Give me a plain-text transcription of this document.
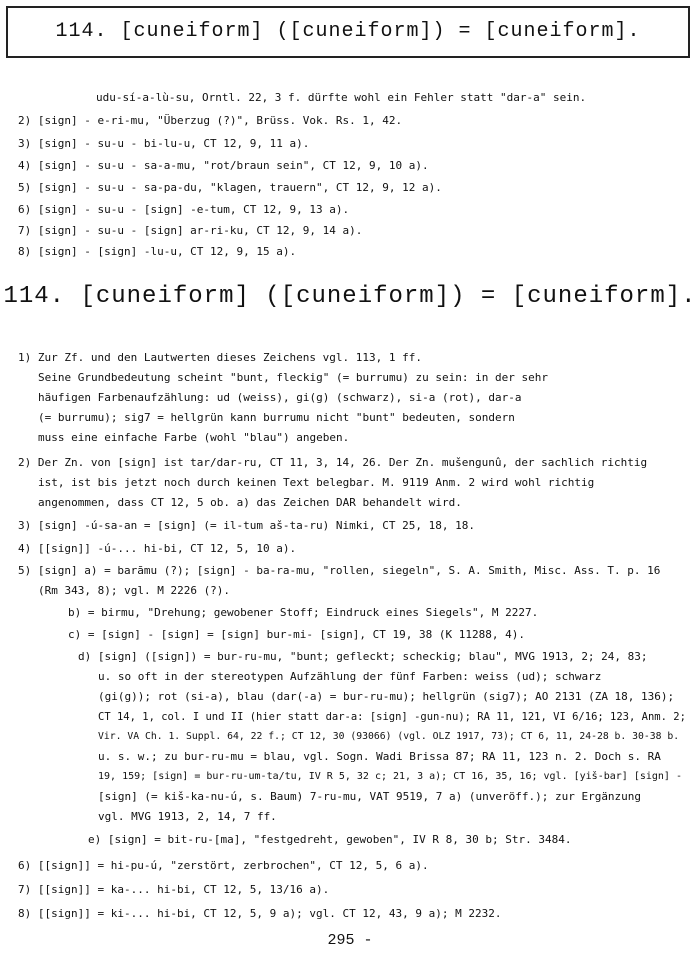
114. [cuneiform] ([cuneiform]) = [cuneiform].
udu-sí-a-lù-su, Orntl. 22, 3 f. dürfte wohl ein Fehler statt "dar-a" sein.
2) [sign] - e-ri-mu, "Überzug (?)", Brüss. Vok. Rs. 1, 42.
3) [sign] - su-u - bi-lu-u, CT 12, 9, 11 a).
4) [sign] - su-u - sa-a-mu, "rot/braun sein", CT 12, 9, 10 a).
5) [sign] - su-u - sa-pa-du, "klagen, trauern", CT 12, 9, 12 a).
6) [sign] - su-u - [sign] -e-tum, CT 12, 9, 13 a).
7) [sign] - su-u - [sign] ar-ri-ku, CT 12, 9, 14 a).
8) [sign] - [sign] -lu-u, CT 12, 9, 15 a).
114. [cuneiform] ([cuneiform]) = [cuneiform].
1) Zur Zf. und den Lautwerten dieses Zeichens vgl. 113, 1 ff.
Seine Grundbedeutung scheint "bunt, fleckig" (= burrumu) zu sein: in der sehr
häufigen Farbenaufzählung: ud (weiss), gi(g) (schwarz), si-a (rot), dar-a
(= burrumu); sig7 = hellgrün kann burrumu nicht "bunt" bedeuten, sondern
muss eine einfache Farbe (wohl "blau") angeben.
2) Der Zn. von [sign] ist tar/dar-ru, CT 11, 3, 14, 26. Der Zn. mušengunû, der sachlich richtig
ist, ist bis jetzt noch durch keinen Text belegbar. M. 9119 Anm. 2 wird wohl richtig
angenommen, dass CT 12, 5 ob. a) das Zeichen DAR behandelt wird.
3) [sign] -ú-sa-an = [sign] (= il-tum aš-ta-ru) Nimki, CT 25, 18, 18.
4) [[sign]] -ú-... hi-bi, CT 12, 5, 10 a).
5) [sign] a) = barāmu (?); [sign] - ba-ra-mu, "rollen, siegeln", S. A. Smith, Misc. Ass. T. p. 16
(Rm 343, 8); vgl. M 2226 (?).
b) = birmu, "Drehung; gewobener Stoff; Eindruck eines Siegels", M 2227.
c) = [sign] - [sign] = [sign] bur-mi- [sign], CT 19, 38 (K 11288, 4).
d) [sign] ([sign]) = bur-ru-mu, "bunt; gefleckt; scheckig; blau", MVG 1913, 2; 24, 83;
u. so oft in der stereotypen Aufzählung der fünf Farben: weiss (ud); schwarz
(gi(g)); rot (si-a), blau (dar(-a) = bur-ru-mu); hellgrün (sig7); AO 2131 (ZA 18, 136);
CT 14, 1, col. I und II (hier statt dar-a: [sign] -gun-nu); RA 11, 121, VI 6/16; 123, Anm. 2;
Vir. VA Ch. 1. Suppl. 64, 22 f.; CT 12, 30 (93066) (vgl. OLZ 1917, 73); CT 6, 11, 24-28 b. 30-38 b.
u. s. w.; zu bur-ru-mu = blau, vgl. Sogn. Wadi Brissa 87; RA 11, 123 n. 2. Doch s. RA
19, 159; [sign] = bur-ru-um-ta/tu, IV R 5, 32 c; 21, 3 a); CT 16, 35, 16; vgl. [yiš-bar] [sign] -
[sign] (= kiš-ka-nu-ú, s. Baum) 7-ru-mu, VAT 9519, 7 a) (unveröff.); zur Ergänzung
vgl. MVG 1913, 2, 14, 7 ff.
e) [sign] = bit-ru-[ma], "festgedreht, gewoben", IV R 8, 30 b; Str. 3484.
6) [[sign]] = hi-pu-ú, "zerstört, zerbrochen", CT 12, 5, 6 a).
7) [[sign]] = ka-... hi-bi, CT 12, 5, 13/16 a).
8) [[sign]] = ki-... hi-bi, CT 12, 5, 9 a); vgl. CT 12, 43, 9 a); M 2232.
295 -
